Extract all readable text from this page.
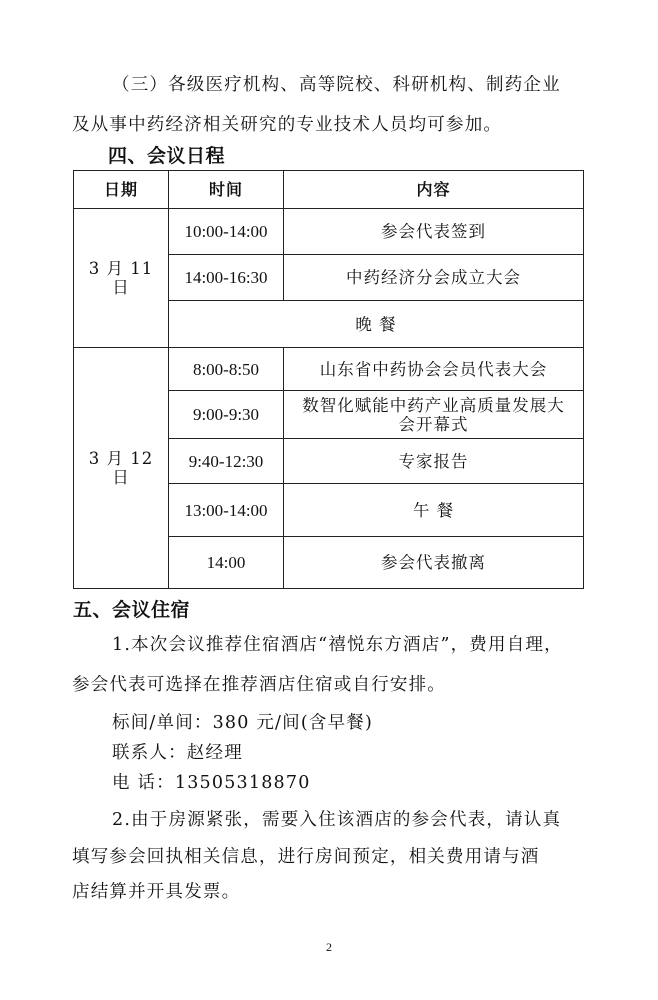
（三）各级医疗机构、高等院校、科研机构、制药企业
及从事中药经济相关研究的专业技术人员均可参加。
四、会议日程
日期	时间	内容
3 月 11 日	10:00-14:00	参会代表签到
	14:00-16:30	中药经济分会成立大会
	晚 餐	
3 月 12 日	8:00-8:50	山东省中药协会会员代表大会
	9:00-9:30	数智化赋能中药产业高质量发展大会开幕式
	9:40-12:30	专家报告
	13:00-14:00	午 餐
	14:00	参会代表撤离
五、会议住宿
1.本次会议推荐住宿酒店“禧悦东方酒店”，费用自理，
参会代表可选择在推荐酒店住宿或自行安排。
标间/单间：380 元/间(含早餐)
联系人：赵经理
电 话：13505318870
2.由于房源紧张，需要入住该酒店的参会代表，请认真
填写参会回执相关信息，进行房间预定，相关费用请与酒
店结算并开具发票。
2
